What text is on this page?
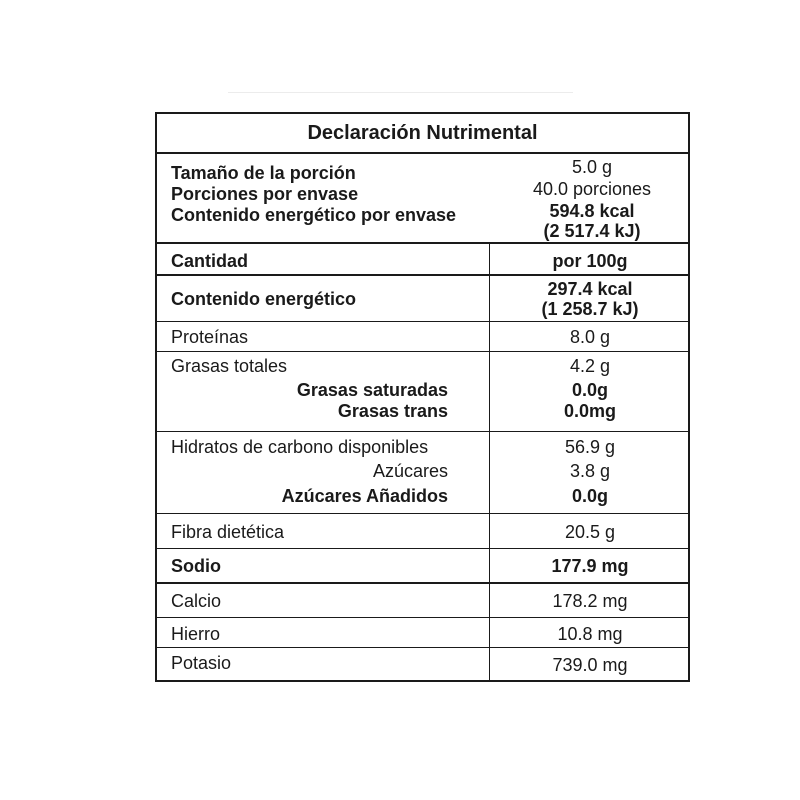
Declaración Nutrimental
Tamaño de la porción	5.0 g
Porciones por envase	40.0 porciones
Contenido energético por envase	594.8 kcal
(2 517.4 kJ)
Cantidad	por 100g
Contenido energético	297.4 kcal
(1 258.7 kJ)
Proteínas	8.0 g
Grasas totales	4.2 g
Grasas saturadas	0.0g
Grasas trans	0.0mg
Hidratos de carbono disponibles	56.9 g
Azúcares	3.8 g
Azúcares Añadidos	0.0g
Fibra dietética	20.5 g
Sodio	177.9 mg
Calcio	178.2 mg
Hierro	10.8 mg
Potasio	739.0 mg
